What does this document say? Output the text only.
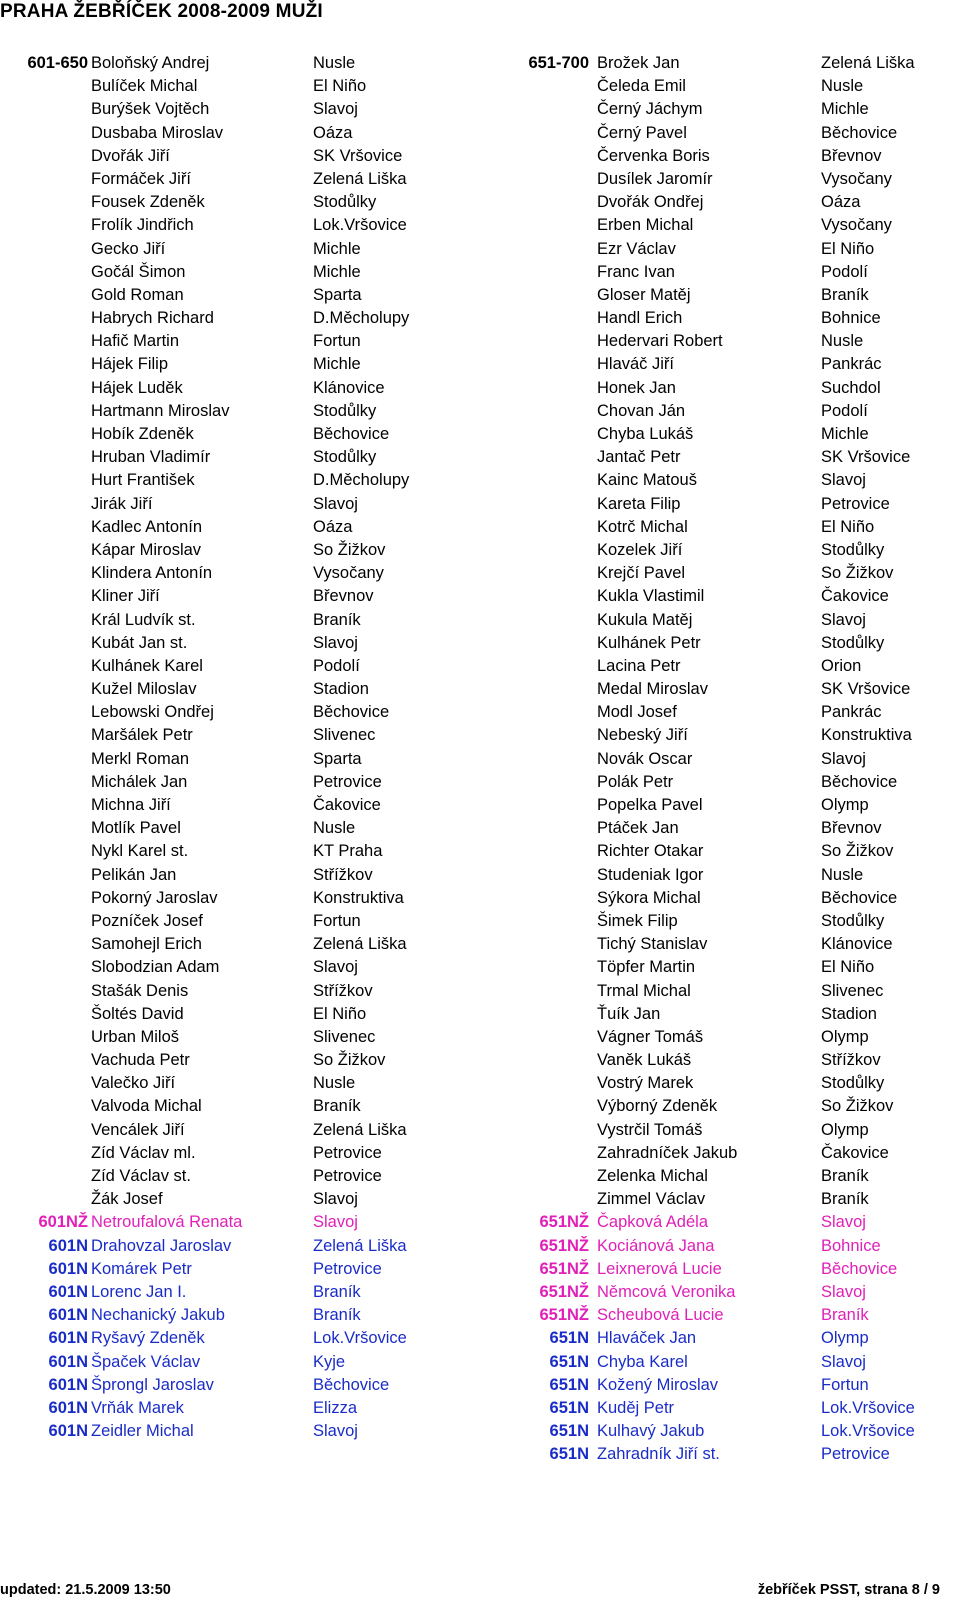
PRAHA ŽEBŘÍČEK 2008-2009 MUŽI
601-650 Boloňský Andrej	Nusle
Bulíček Michal	El Niño
Burýšek Vojtěch	Slavoj
Dusbaba Miroslav	Oáza
Dvořák Jiří	SK Vršovice
Formáček Jiří	Zelená Liška
Fousek Zdeněk	Stodůlky
Frolík Jindřich	Lok.Vršovice
Gecko Jiří	Michle
Gočál Šimon	Michle
Gold Roman	Sparta
Habrych Richard	D.Měcholupy
Hafič Martin	Fortun
Hájek Filip	Michle
Hájek Luděk	Klánovice
Hartmann Miroslav	Stodůlky
Hobík Zdeněk	Běchovice
Hruban Vladimír	Stodůlky
Hurt František	D.Měcholupy
Jirák Jiří	Slavoj
Kadlec Antonín	Oáza
Kápar Miroslav	So Žižkov
Klindera Antonín	Vysočany
Kliner Jiří	Břevnov
Král Ludvík st.	Braník
Kubát Jan st.	Slavoj
Kulhánek Karel	Podolí
Kužel Miloslav	Stadion
Lebowski Ondřej	Běchovice
Maršálek Petr	Slivenec
Merkl Roman	Sparta
Michálek Jan	Petrovice
Michna Jiří	Čakovice
Motlík Pavel	Nusle
Nykl Karel st.	KT Praha
Pelikán Jan	Střížkov
Pokorný Jaroslav	Konstruktiva
Pozníček Josef	Fortun
Samohejl Erich	Zelená Liška
Slobodzian Adam	Slavoj
Stašák Denis	Střížkov
Šoltés David	El Niño
Urban Miloš	Slivenec
Vachuda Petr	So Žižkov
Valečko Jiří	Nusle
Valvoda Michal	Braník
Vencálek Jiří	Zelená Liška
Zíd Václav ml.	Petrovice
Zíd Václav st.	Petrovice
Žák Josef	Slavoj
601NŽ Netroufalová Renata	Slavoj
601N Drahovzal Jaroslav	Zelená Liška
601N Komárek Petr	Petrovice
601N Lorenc Jan I.	Braník
601N Nechanický Jakub	Braník
601N Ryšavý Zdeněk	Lok.Vršovice
601N Špaček Václav	Kyje
601N Šprongl Jaroslav	Běchovice
601N Vrňák Marek	Elizza
601N Zeidler Michal	Slavoj
651-700 Brožek Jan	Zelená Liška
Čeleda Emil	Nusle
Černý Jáchym	Michle
Černý Pavel	Běchovice
Červenka Boris	Břevnov
Dusílek Jaromír	Vysočany
Dvořák Ondřej	Oáza
Erben Michal	Vysočany
Ezr Václav	El Niño
Franc Ivan	Podolí
Gloser Matěj	Braník
Handl Erich	Bohnice
Hedervari Robert	Nusle
Hlaváč Jiří	Pankrác
Honek Jan	Suchdol
Chovan Ján	Podolí
Chyba Lukáš	Michle
Jantač Petr	SK Vršovice
Kainc Matouš	Slavoj
Kareta Filip	Petrovice
Kotrč Michal	El Niño
Kozelek Jiří	Stodůlky
Krejčí Pavel	So Žižkov
Kukla Vlastimil	Čakovice
Kukula Matěj	Slavoj
Kulhánek Petr	Stodůlky
Lacina Petr	Orion
Medal Miroslav	SK Vršovice
Modl Josef	Pankrác
Nebeský Jiří	Konstruktiva
Novák Oscar	Slavoj
Polák Petr	Běchovice
Popelka Pavel	Olymp
Ptáček Jan	Břevnov
Richter Otakar	So Žižkov
Studeniak Igor	Nusle
Sýkora Michal	Běchovice
Šimek Filip	Stodůlky
Tichý Stanislav	Klánovice
Töpfer Martin	El Niño
Trmal Michal	Slivenec
Ťuík Jan	Stadion
Vágner Tomáš	Olymp
Vaněk Lukáš	Střížkov
Vostrý Marek	Stodůlky
Výborný Zdeněk	So Žižkov
Vystrčil Tomáš	Olymp
Zahradníček Jakub	Čakovice
Zelenka Michal	Braník
Zimmel Václav	Braník
651NŽ Čapková Adéla	Slavoj
651NŽ Kociánová Jana	Bohnice
651NŽ Leixnerová Lucie	Běchovice
651NŽ Němcová Veronika	Slavoj
651NŽ Scheubová Lucie	Braník
651N Hlaváček Jan	Olymp
651N Chyba Karel	Slavoj
651N Kožený Miroslav	Fortun
651N Kuděj Petr	Lok.Vršovice
651N Kulhavý Jakub	Lok.Vršovice
651N Zahradník Jiří st.	Petrovice
updated: 21.5.2009 13:50	žebříček PSST, strana 8 / 9
